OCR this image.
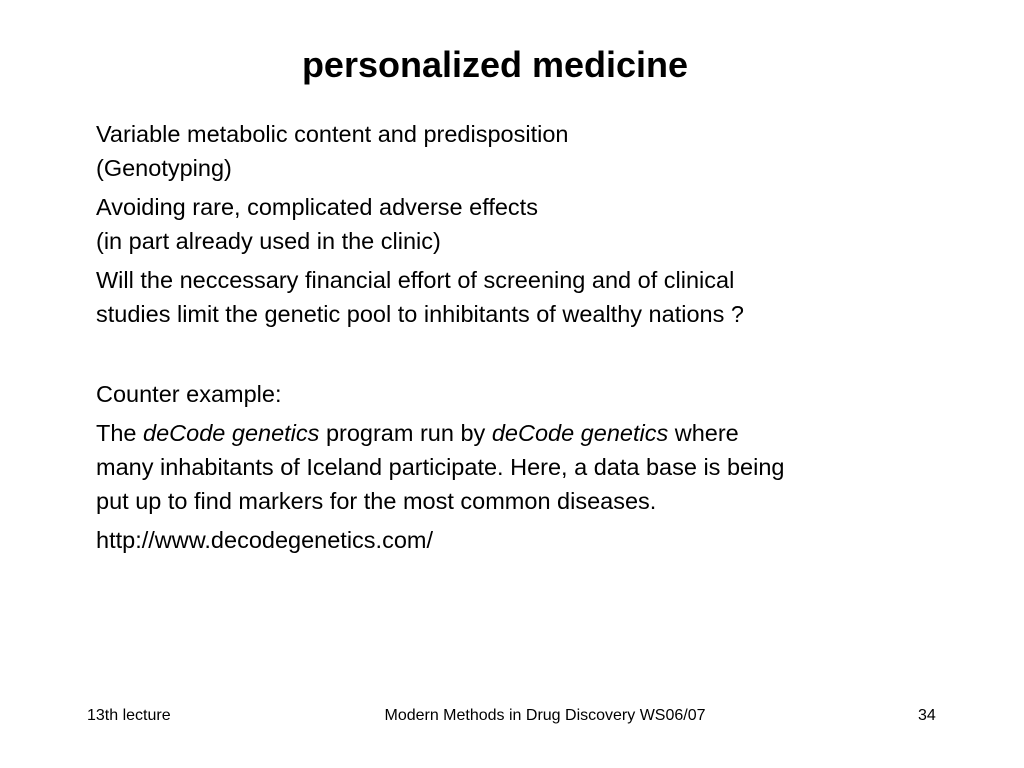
personalized medicine
Variable metabolic content and predisposition
(Genotyping)
Avoiding rare, complicated adverse effects
(in part already used in the clinic)
Will the neccessary financial effort of screening and of clinical
studies limit the genetic pool to inhibitants of wealthy nations ?
Counter example:
The deCode genetics program run by deCode genetics where
many inhabitants of Iceland participate. Here, a data base is being
put up to find markers for the most common diseases.
http://www.decodegenetics.com/
13th lecture	Modern Methods in Drug Discovery WS06/07	34
